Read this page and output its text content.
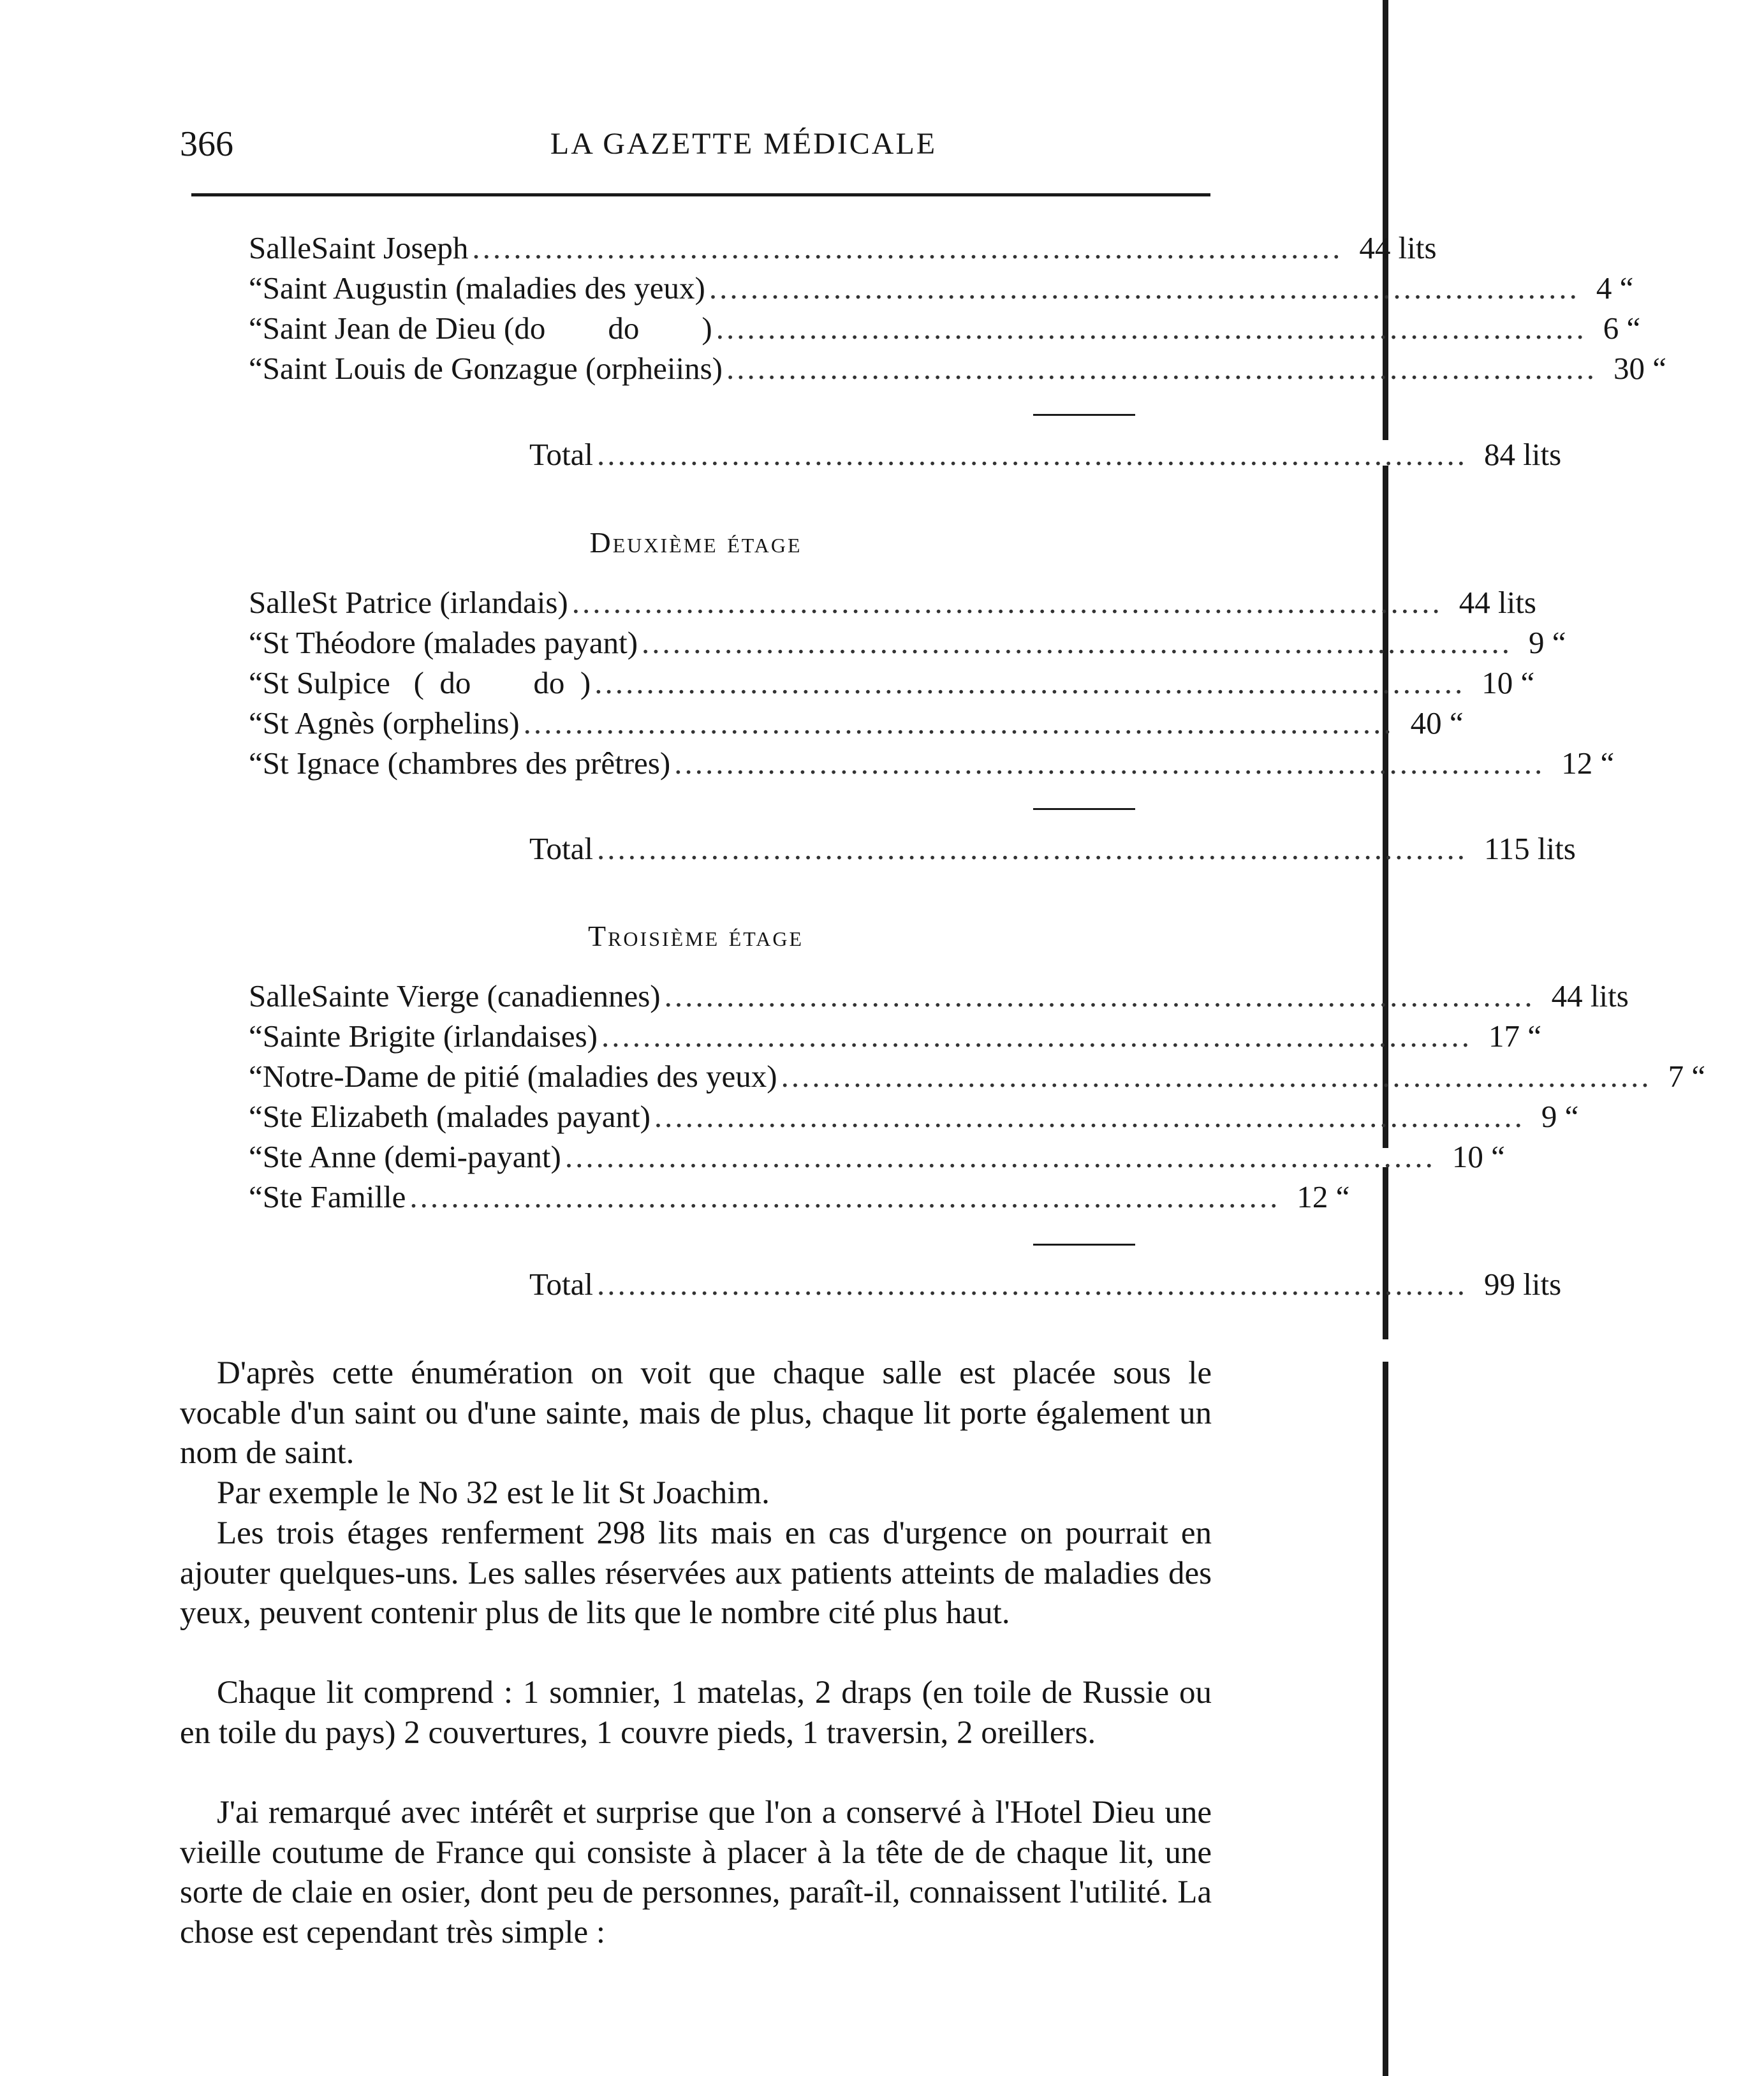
366	LA GAZETTE MÉDICALE
Salle Saint Joseph .................................................................................... 44 lits
“ Saint Augustin (maladies des yeux) .................................................................................... 4 “
“ Saint Jean de Dieu (do        do        ) .................................................................................... 6 “
“ Saint Louis de Gonzague (orpheiins) .................................................................................... 30 “
Total .................................................................................... 84 lits
Deuxième étage
Salle St Patrice (irlandais) .................................................................................... 44 lits
“ St Théodore (malades payant) .................................................................................... 9 “
“ St Sulpice   (  do        do  ) .................................................................................... 10 “
“ St Agnès (orphelins) .................................................................................... 40 “
“ St Ignace (chambres des prêtres) .................................................................................... 12 “
Total .................................................................................... 115 lits
Troisième étage
Salle Sainte Vierge (canadiennes) .................................................................................... 44 lits
“ Sainte Brigite (irlandaises) .................................................................................... 17 “
“ Notre-Dame de pitié (maladies des yeux) .................................................................................... 7 “
“ Ste Elizabeth (malades payant) .................................................................................... 9 “
“ Ste Anne (demi-payant) .................................................................................... 10 “
“ Ste Famille .................................................................................... 12 “
Total .................................................................................... 99 lits

D'après cette énumération on voit que chaque salle est placée sous le vocable d'un saint ou d'une sainte, mais de plus, chaque lit porte également un nom de saint.

Par exemple le No 32 est le lit St Joachim.

Les trois étages renferment 298 lits mais en cas d'urgence on pourrait en ajouter quelques-uns. Les salles réservées aux patients atteints de maladies des yeux, peuvent contenir plus de lits que le nombre cité plus haut.

Chaque lit comprend : 1 somnier, 1 matelas, 2 draps (en toile de Russie ou en toile du pays) 2 couvertures, 1 couvre pieds, 1 traversin, 2 oreillers.

J'ai remarqué avec intérêt et surprise que l'on a conservé à l'Hotel Dieu une vieille coutume de France qui consiste à placer à la tête de de chaque lit, une sorte de claie en osier, dont peu de personnes, paraît-il, connaissent l'utilité. La chose est cependant très simple :
